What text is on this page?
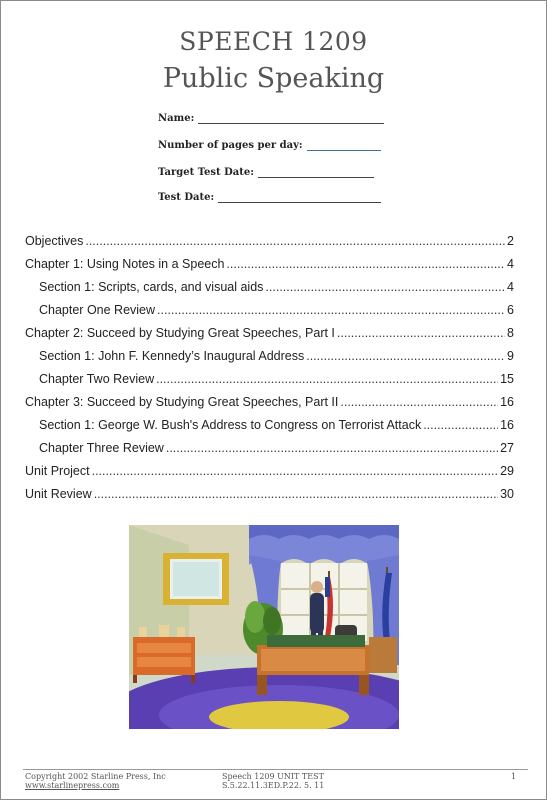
SPEECH 1209
Public Speaking
Name:
Number of pages per day:
Target Test Date:
Test Date:
Objectives .....	2
Chapter 1: Using Notes in a Speech .....	4
Section 1: Scripts, cards, and visual aids .....	4
Chapter One Review .....	6
Chapter 2: Succeed by Studying Great Speeches, Part I .....	8
Section 1: John F. Kennedy’s Inaugural Address .....	9
Chapter Two Review .....	15
Chapter 3: Succeed by Studying Great Speeches, Part II .....	16
Section 1: George W. Bush's Address to Congress on Terrorist Attack .....	16
Chapter Three Review .....	27
Unit Project .....	29
Unit Review .....	30
Copyright 2002 Starline Press, Inc
www.starlinepress.com
Speech 1209 UNIT TEST
S.5.22.11.3ED.P.22. 5. 11
1
